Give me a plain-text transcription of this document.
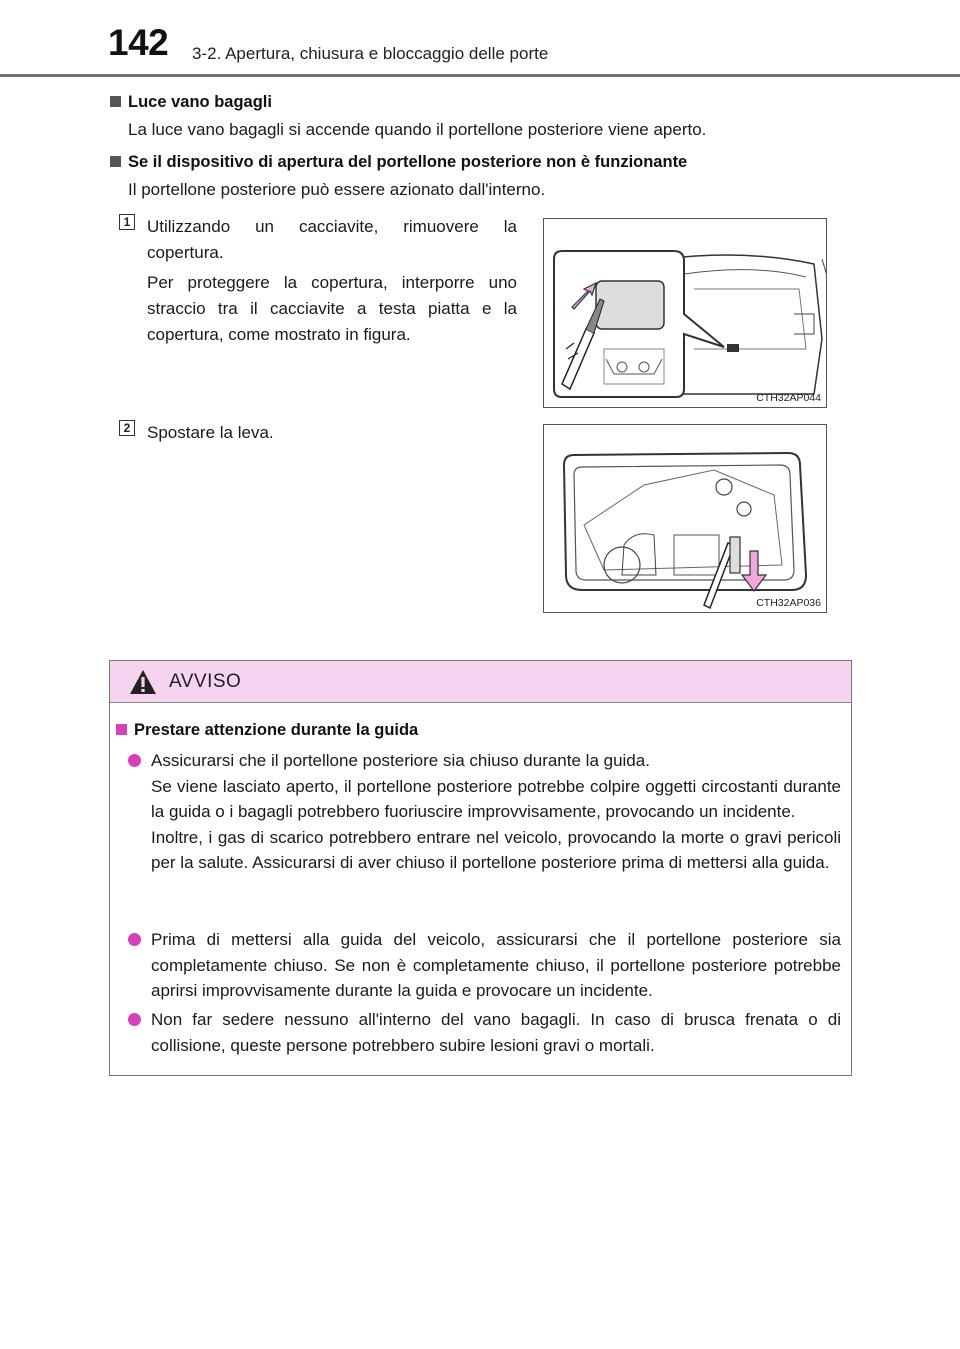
142 3-2. Apertura, chiusura e bloccaggio delle porte
Luce vano bagagli
La luce vano bagagli si accende quando il portellone posteriore viene aperto.
Se il dispositivo di apertura del portellone posteriore non è funzionante
Il portellone posteriore può essere azionato dall'interno.
1 Utilizzando un cacciavite, rimuovere la copertura.
Per proteggere la copertura, interporre uno straccio tra il cacciavite a testa piatta e la copertura, come mostrato in figura.
CTH32AP044
2 Spostare la leva.
CTH32AP036
AVVISO
Prestare attenzione durante la guida
Assicurarsi che il portellone posteriore sia chiuso durante la guida.
Se viene lasciato aperto, il portellone posteriore potrebbe colpire oggetti circostanti durante la guida o i bagagli potrebbero fuoriuscire improvvisamente, provocando un incidente.
Inoltre, i gas di scarico potrebbero entrare nel veicolo, provocando la morte o gravi pericoli per la salute. Assicurarsi di aver chiuso il portellone posteriore prima di mettersi alla guida.
Prima di mettersi alla guida del veicolo, assicurarsi che il portellone posteriore sia completamente chiuso. Se non è completamente chiuso, il portellone posteriore potrebbe aprirsi improvvisamente durante la guida e provocare un incidente.
Non far sedere nessuno all'interno del vano bagagli. In caso di brusca frenata o di collisione, queste persone potrebbero subire lesioni gravi o mortali.
